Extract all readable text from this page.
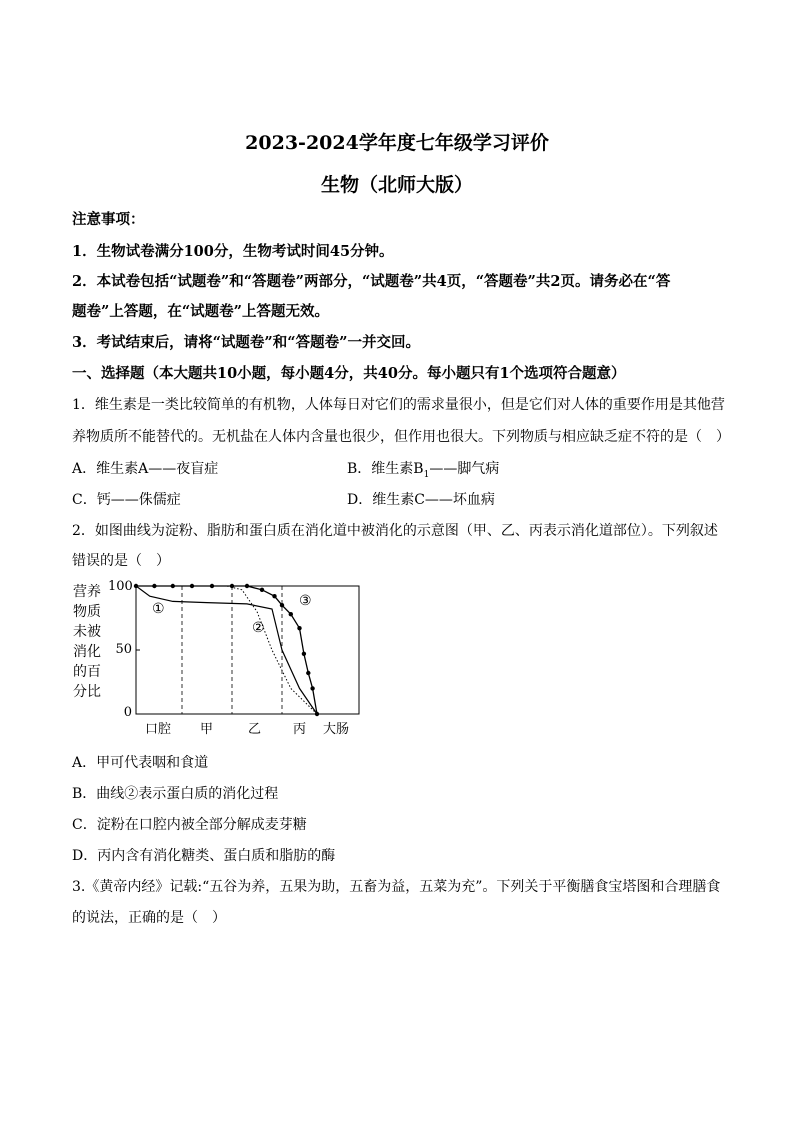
2023-2024学年度七年级学习评价
生物（北师大版）
注意事项：
1．生物试卷满分100分，生物考试时间45分钟。
2．本试卷包括“试题卷”和“答题卷”两部分，“试题卷”共4页，“答题卷”共2页。请务必在“答
题卷”上答题，在“试题卷”上答题无效。
3．考试结束后，请将“试题卷”和“答题卷”一并交回。
一、选择题（本大题共10小题，每小题4分，共40分。每小题只有1个选项符合题意）
1．维生素是一类比较简单的有机物，人体每日对它们的需求量很小，但是它们对人体的重要作用是其他营
养物质所不能替代的。无机盐在人体内含量也很少，但作用也很大。下列物质与相应缺乏症不符的是（　）
A．维生素A——夜盲症	B．维生素$B_1——$脚气病
C．钙——侏儒症	D．维生素C——坏血病
2．如图曲线为淀粉、脂肪和蛋白质在消化道中被消化的示意图（甲、乙、丙表示消化道部位）。下列叙述
错误的是（　）
营养物质未被消化的百分比
100
50
0
口腔 甲	乙 丙 大肠
①
②
③
A．甲可代表咽和食道
B．曲线②表示蛋白质的消化过程
C．淀粉在口腔内被全部分解成麦芽糖
D．丙内含有消化糖类、蛋白质和脂肪的酶
3.《黄帝内经》记载:“五谷为养，五果为助，五畜为益，五菜为充”。下列关于平衡膳食宝塔图和合理膳食
的说法，正确的是（　）
